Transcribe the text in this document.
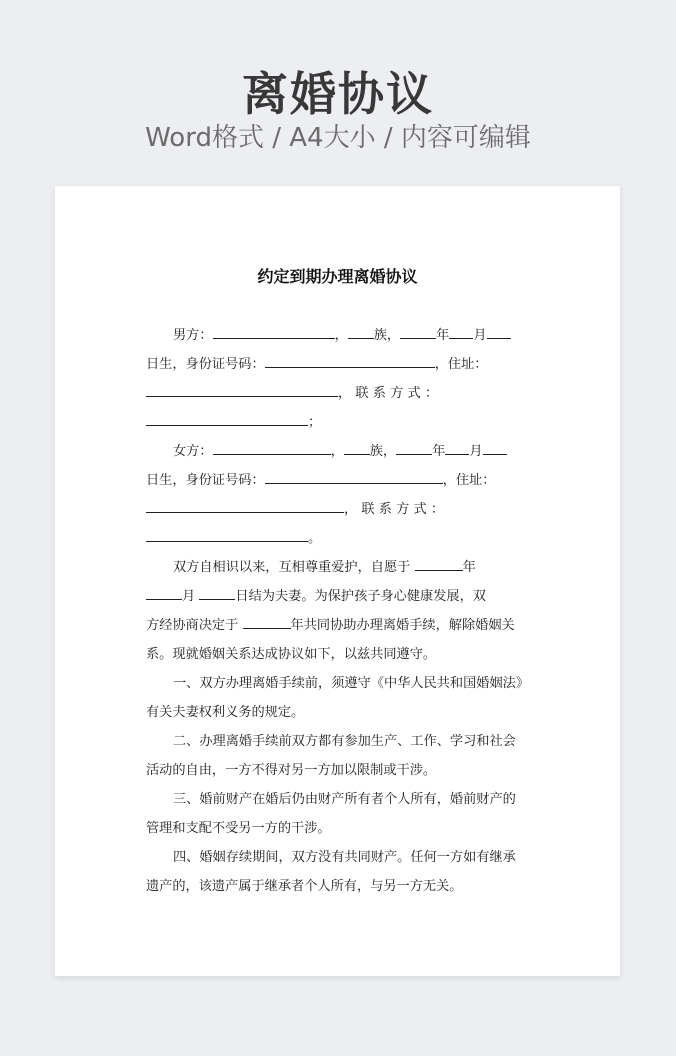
离婚协议
Word格式 / A4大小 / 内容可编辑
约定到期办理离婚协议
男方：	， 族，	年 月
日生，身份证号码：	，住址：
， 联 系 方 式 ：
；
女方：	， 族，	年 月
日生，身份证号码：	，住址：
， 联 系 方 式 ：
。
双方自相识以来，互相尊重爱护，自愿于	年
月	日结为夫妻。为保护孩子身心健康发展，双
方经协商决定于	年共同协助办理离婚手续，解除婚姻关
系。现就婚姻关系达成协议如下，以兹共同遵守。
一、双方办理离婚手续前，须遵守《中华人民共和国婚姻法》
有关夫妻权利义务的规定。
二、办理离婚手续前双方都有参加生产、工作、学习和社会
活动的自由，一方不得对另一方加以限制或干涉。
三、婚前财产在婚后仍由财产所有者个人所有，婚前财产的
管理和支配不受另一方的干涉。
四、婚姻存续期间，双方没有共同财产。任何一方如有继承
遗产的，该遗产属于继承者个人所有，与另一方无关。
